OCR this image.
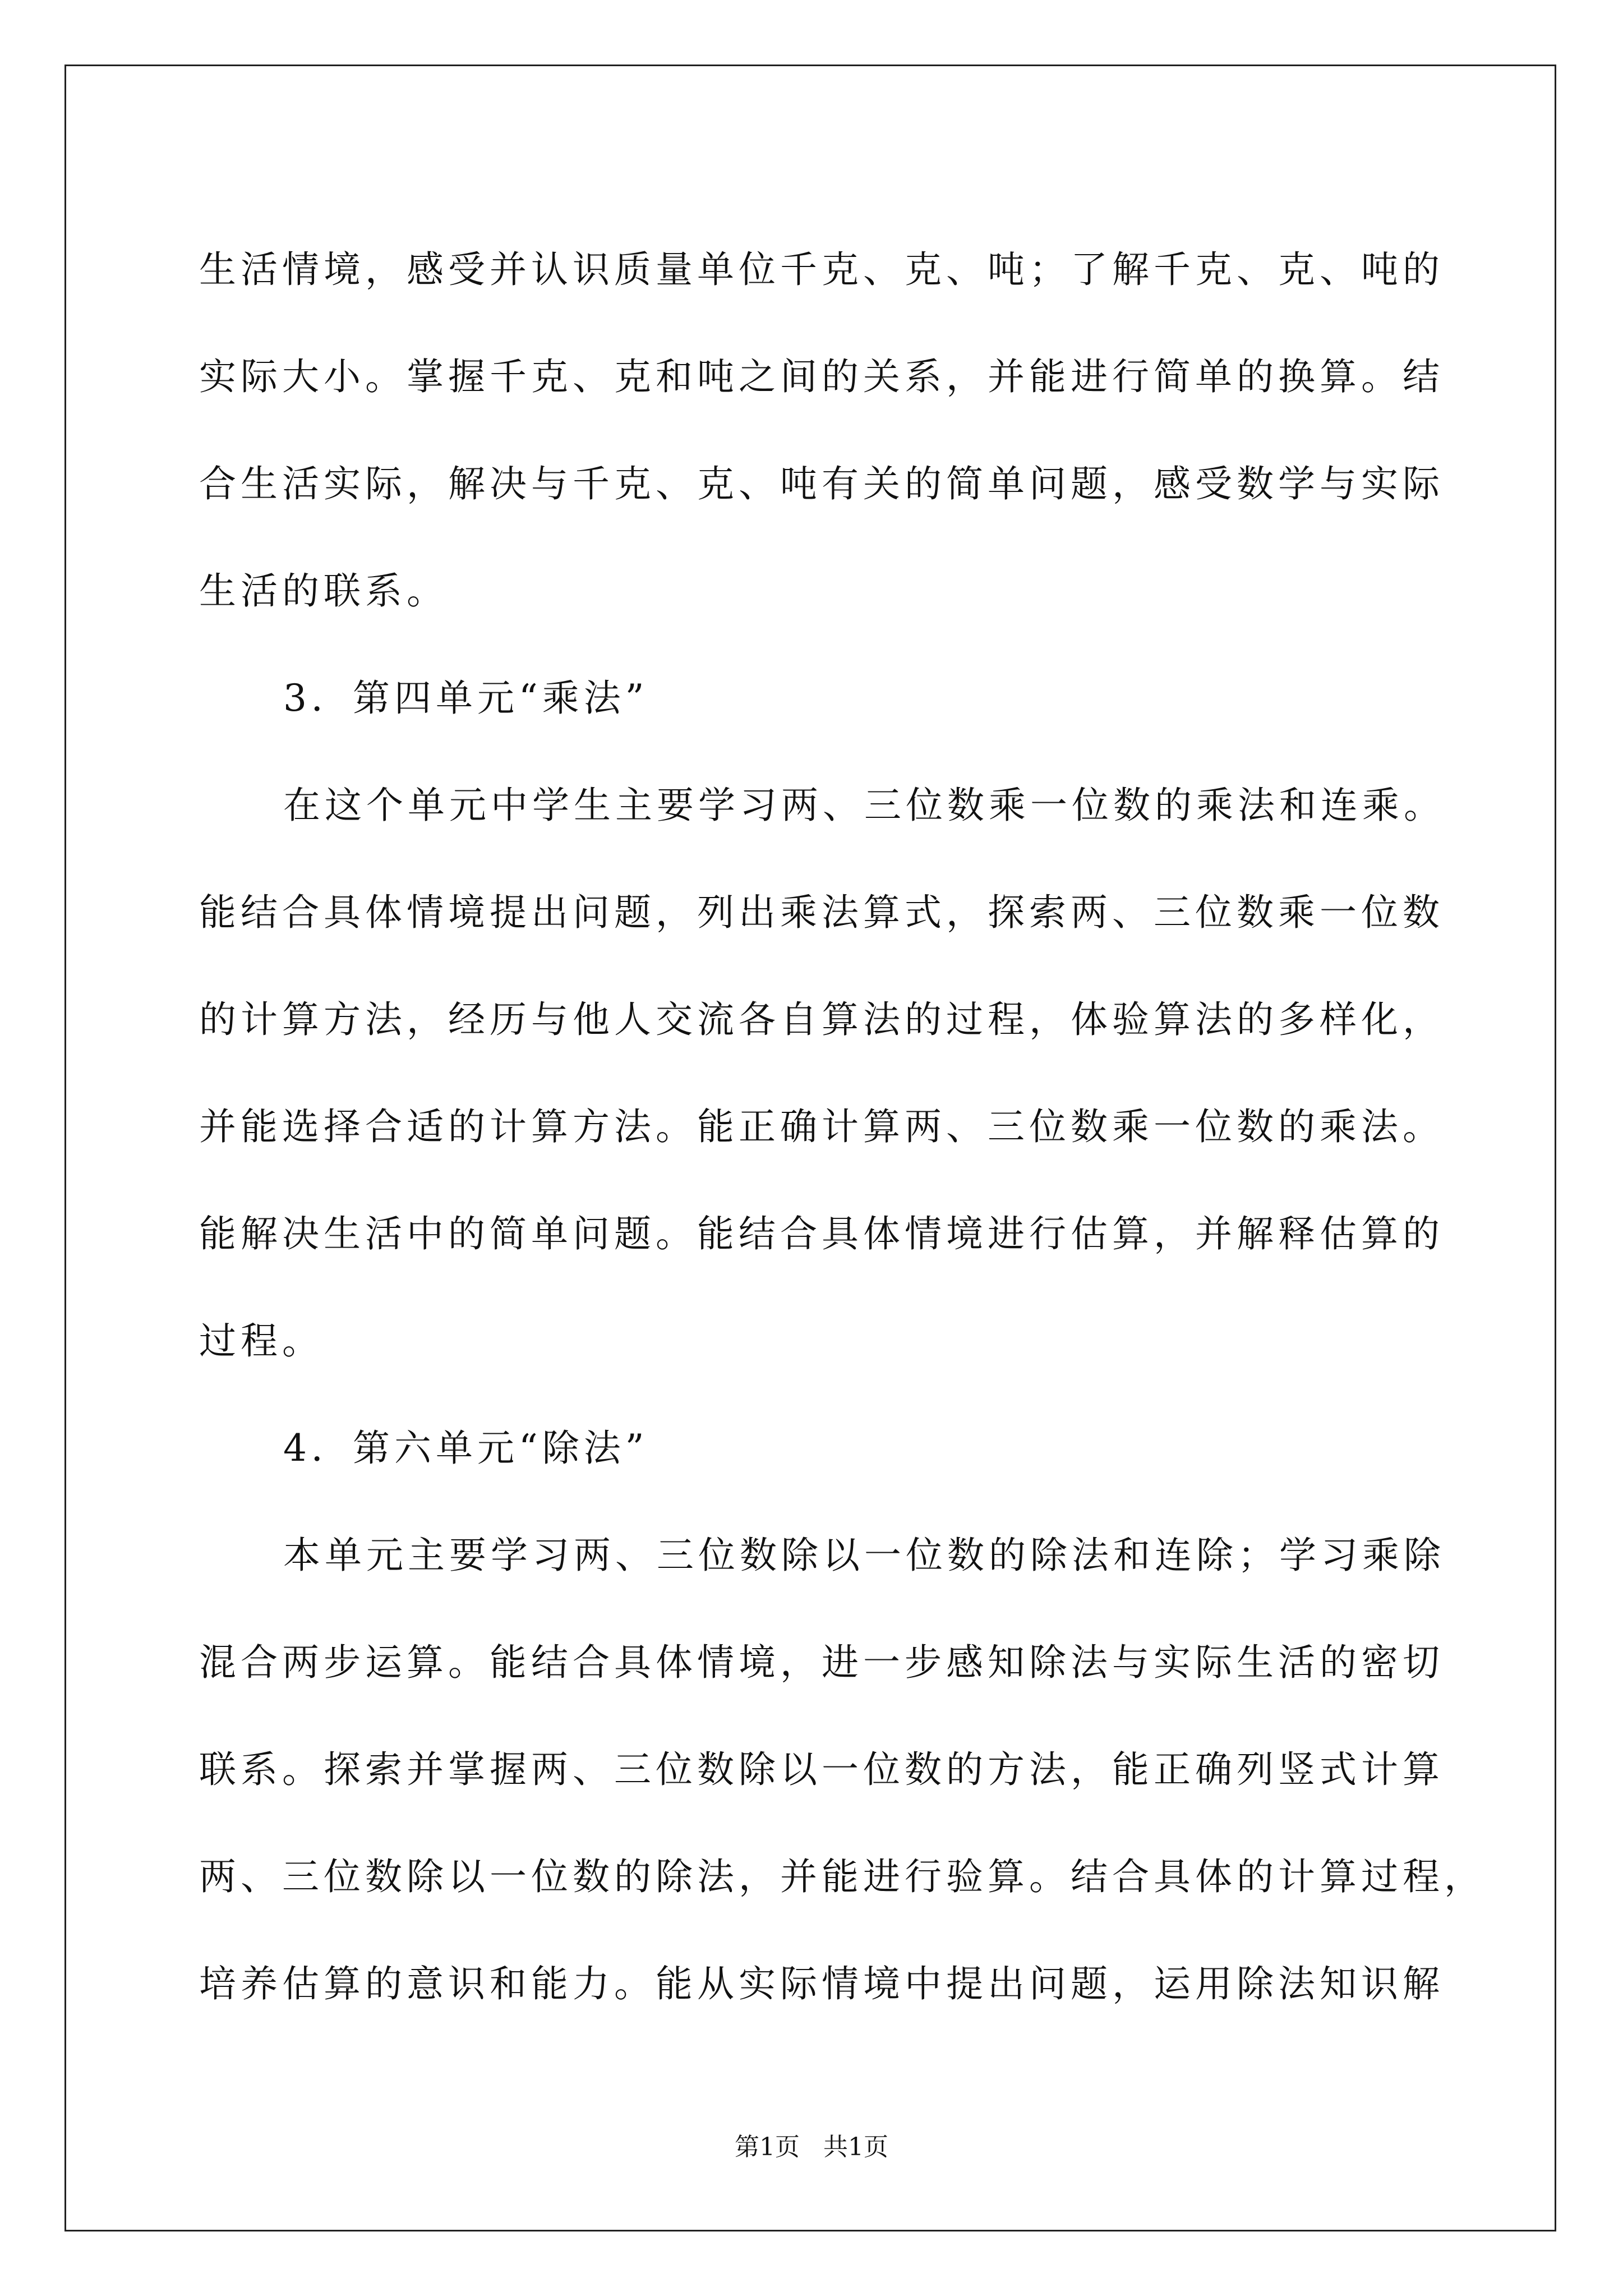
生活情境，感受并认识质量单位千克、克、吨；了解千克、克、吨的
实际大小。掌握千克、克和吨之间的关系，并能进行简单的换算。结
合生活实际，解决与千克、克、吨有关的简单问题，感受数学与实际
生活的联系。
3．第四单元“乘法”
在这个单元中学生主要学习两、三位数乘一位数的乘法和连乘。
能结合具体情境提出问题，列出乘法算式，探索两、三位数乘一位数
的计算方法，经历与他人交流各自算法的过程，体验算法的多样化，
并能选择合适的计算方法。能正确计算两、三位数乘一位数的乘法。
能解决生活中的简单问题。能结合具体情境进行估算，并解释估算的
过程。
4．第六单元“除法”
本单元主要学习两、三位数除以一位数的除法和连除；学习乘除
混合两步运算。能结合具体情境，进一步感知除法与实际生活的密切
联系。探索并掌握两、三位数除以一位数的方法，能正确列竖式计算
两、三位数除以一位数的除法，并能进行验算。结合具体的计算过程，
培养估算的意识和能力。能从实际情境中提出问题，运用除法知识解
第1页   共1页
